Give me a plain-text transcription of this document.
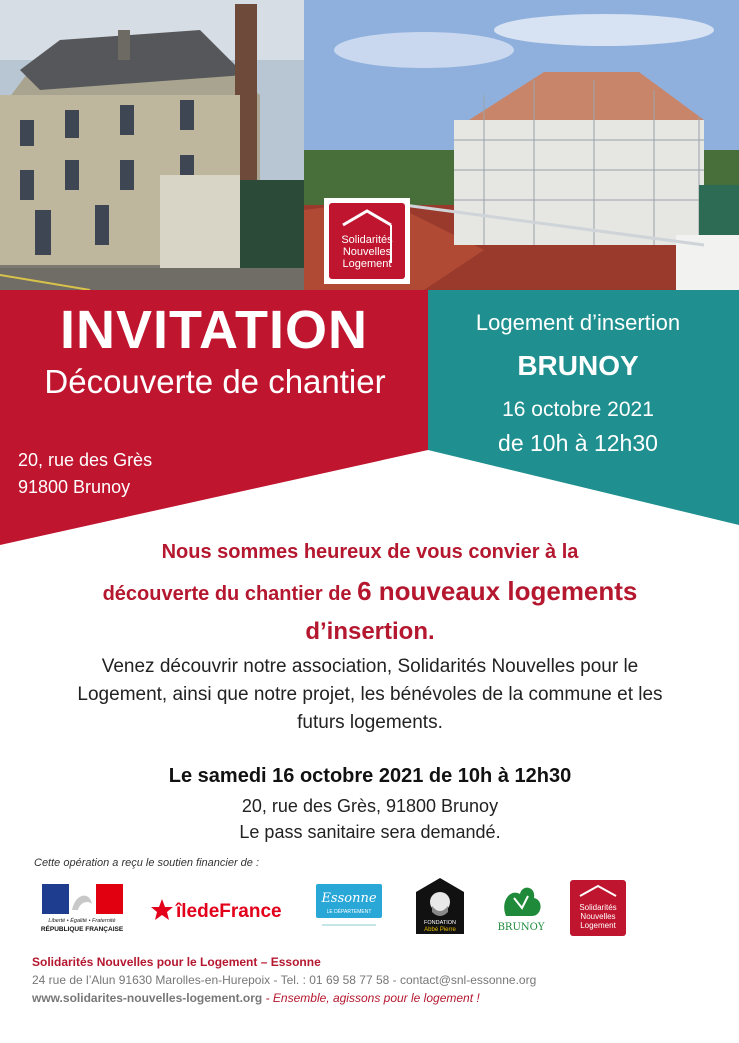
Solidarités
Nouvelles
Logement
INVITATION
Découverte de chantier
20, rue des Grès
91800 Brunoy
Logement d’insertion
BRUNOY
16 octobre 2021
de 10h à 12h30
Nous sommes heureux de vous convier à la
découverte du chantier de 6 nouveaux logements
d’insertion.
Venez découvrir notre association, Solidarités Nouvelles pour le Logement, ainsi que notre projet, les bénévoles de la commune et les futurs logements.
Le samedi 16 octobre 2021 de 10h à 12h30
20, rue des Grès, 91800 Brunoy
Le pass sanitaire sera demandé.
Cette opération a reçu le soutien financier de :
Liberté • Égalité • Fraternité
RÉPUBLIQUE FRANÇAISE
îledeFrance
Essonne
LE DÉPARTEMENT
FONDATION
Abbé Pierre	BRUNOY
Solidarités
Nouvelles
Logement
Solidarités Nouvelles pour le Logement – Essonne
24 rue de l’Alun 91630 Marolles-en-Hurepoix - Tel. : 01 69 58 77 58 - contact@snl-essonne.org
www.solidarites-nouvelles-logement.org - Ensemble, agissons pour le logement !
